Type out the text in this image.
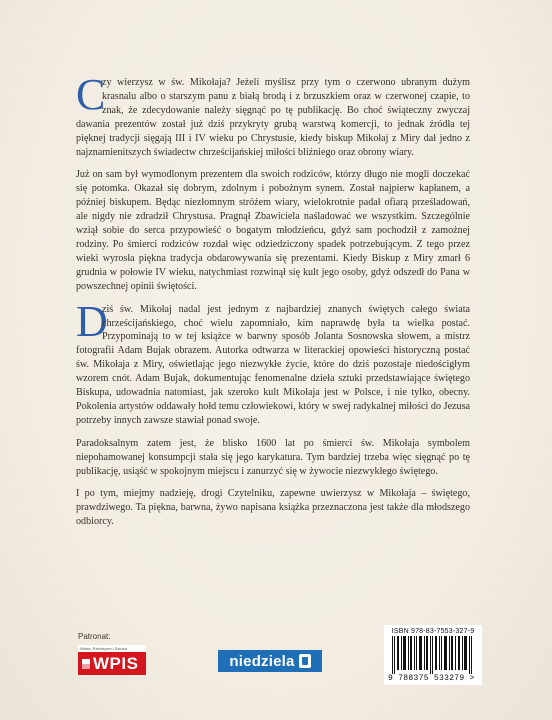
C
zy wierzysz w św. Mikołaja? Jeżeli myślisz przy tym o czerwono ubranym dużym krasnalu albo o starszym panu z białą brodą i z brzuszkiem oraz w czerwonej czapie, to znak, że zdecydowanie należy sięgnąć po tę publikację. Bo choć świąteczny zwyczaj dawania prezentów został już dziś przykryty grubą warstwą komercji, to jednak źródła tej pięknej tradycji sięgają III i IV wieku po Chrystusie, kiedy biskup Mikołaj z Miry dał jedno z najznamienitszych świadectw chrześcijańskiej miłości bliźniego oraz obrony wiary.

Już on sam był wymodlonym prezentem dla swoich rodziców, którzy długo nie mogli doczekać się potomka. Okazał się dobrym, zdolnym i pobożnym synem. Został najpierw kapłanem, a później biskupem. Będąc niezłomnym stróżem wiary, wielokrotnie padał ofiarą prześladowań, ale nigdy nie zdradził Chrystusa. Pragnął Zbawiciela naśladować we wszystkim. Szczególnie wziął sobie do serca przypowieść o bogatym młodzieńcu, gdyż sam pochodził z zamożnej rodziny. Po śmierci rodziców rozdał więc odziedziczony spadek potrzebującym. Z tego przez wieki wyrosła piękna tradycja obdarowywania się prezentami. Kiedy Biskup z Miry zmarł 6 grudnia w połowie IV wieku, natychmiast rozwinął się kult jego osoby, gdyż odszedł do Pana w powszechnej opinii świętości.

D
ziś św. Mikołaj nadal jest jednym z najbardziej znanych świętych całego świata chrześcijańskiego, choć wielu zapomniało, kim naprawdę była ta wielka postać. Przypominają to w tej książce w barwny sposób Jolanta Sosnowska słowem, a mistrz fotografii Adam Bujak obrazem. Autorka odtwarza w literackiej opowieści historyczną postać św. Mikołaja z Miry, oświetlając jego niezwykłe życie, które do dziś pozostaje niedościgłym wzorem cnót. Adam Bujak, dokumentując fenomenalne dzieła sztuki przedstawiające świętego Biskupa, udowadnia natomiast, jak szeroko kult Mikołaja jest w Polsce, i nie tylko, obecny. Pokolenia artystów oddawały hołd temu człowiekowi, który w swej radykalnej miłości do Jezusa potrzeby innych zawsze stawiał ponad swoje.

Paradoksalnym zatem jest, że blisko 1600 lat po śmierci św. Mikołaja symbolem niepohamowanej konsumpcji stała się jego karykatura. Tym bardziej trzeba więc sięgnąć po tę publikację, usiąść w spokojnym miejscu i zanurzyć się w żywocie niezwykłego świętego.

I po tym, miejmy nadzieję, drogi Czytelniku, zapewne uwierzysz w Mikołaja – świętego, prawdziwego. Ta piękna, barwna, żywo napisana książka przeznaczona jest także dla młodszego odbiorcy.

Patronat:
Wiara, Patriotyzm i Sztuka
WPIS	niedziela
ISBN 978-83-7553-327-9
9 788375 533279 >
